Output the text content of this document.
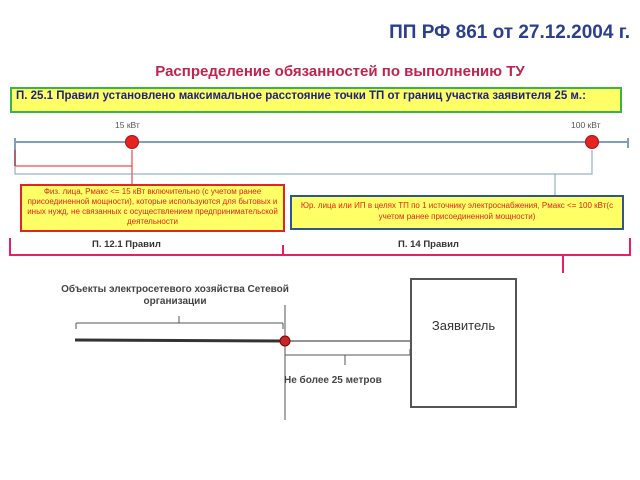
ПП РФ 861 от 27.12.2004 г.
Распределение обязанностей по выполнению ТУ
П. 25.1 Правил установлено максимальное расстояние точки ТП от границ участка заявителя 25 м.:
15 кВт	100 кВт
Физ. лица, Pмакс <= 15 кВт включительно (с учетом ранее присоединенной мощности), которые используются для бытовых и иных нужд, не связанных с осуществлением предпринимательской деятельности
Юр. лица или ИП в целях ТП по 1 источнику электроснабжения, Pмакс <= 100 кВт(с учетом ранее присоединенной мощности)
П. 12.1 Правил	П. 14 Правил
Объекты электросетевого хозяйства Сетевой организации
Заявитель
Не более 25 метров
